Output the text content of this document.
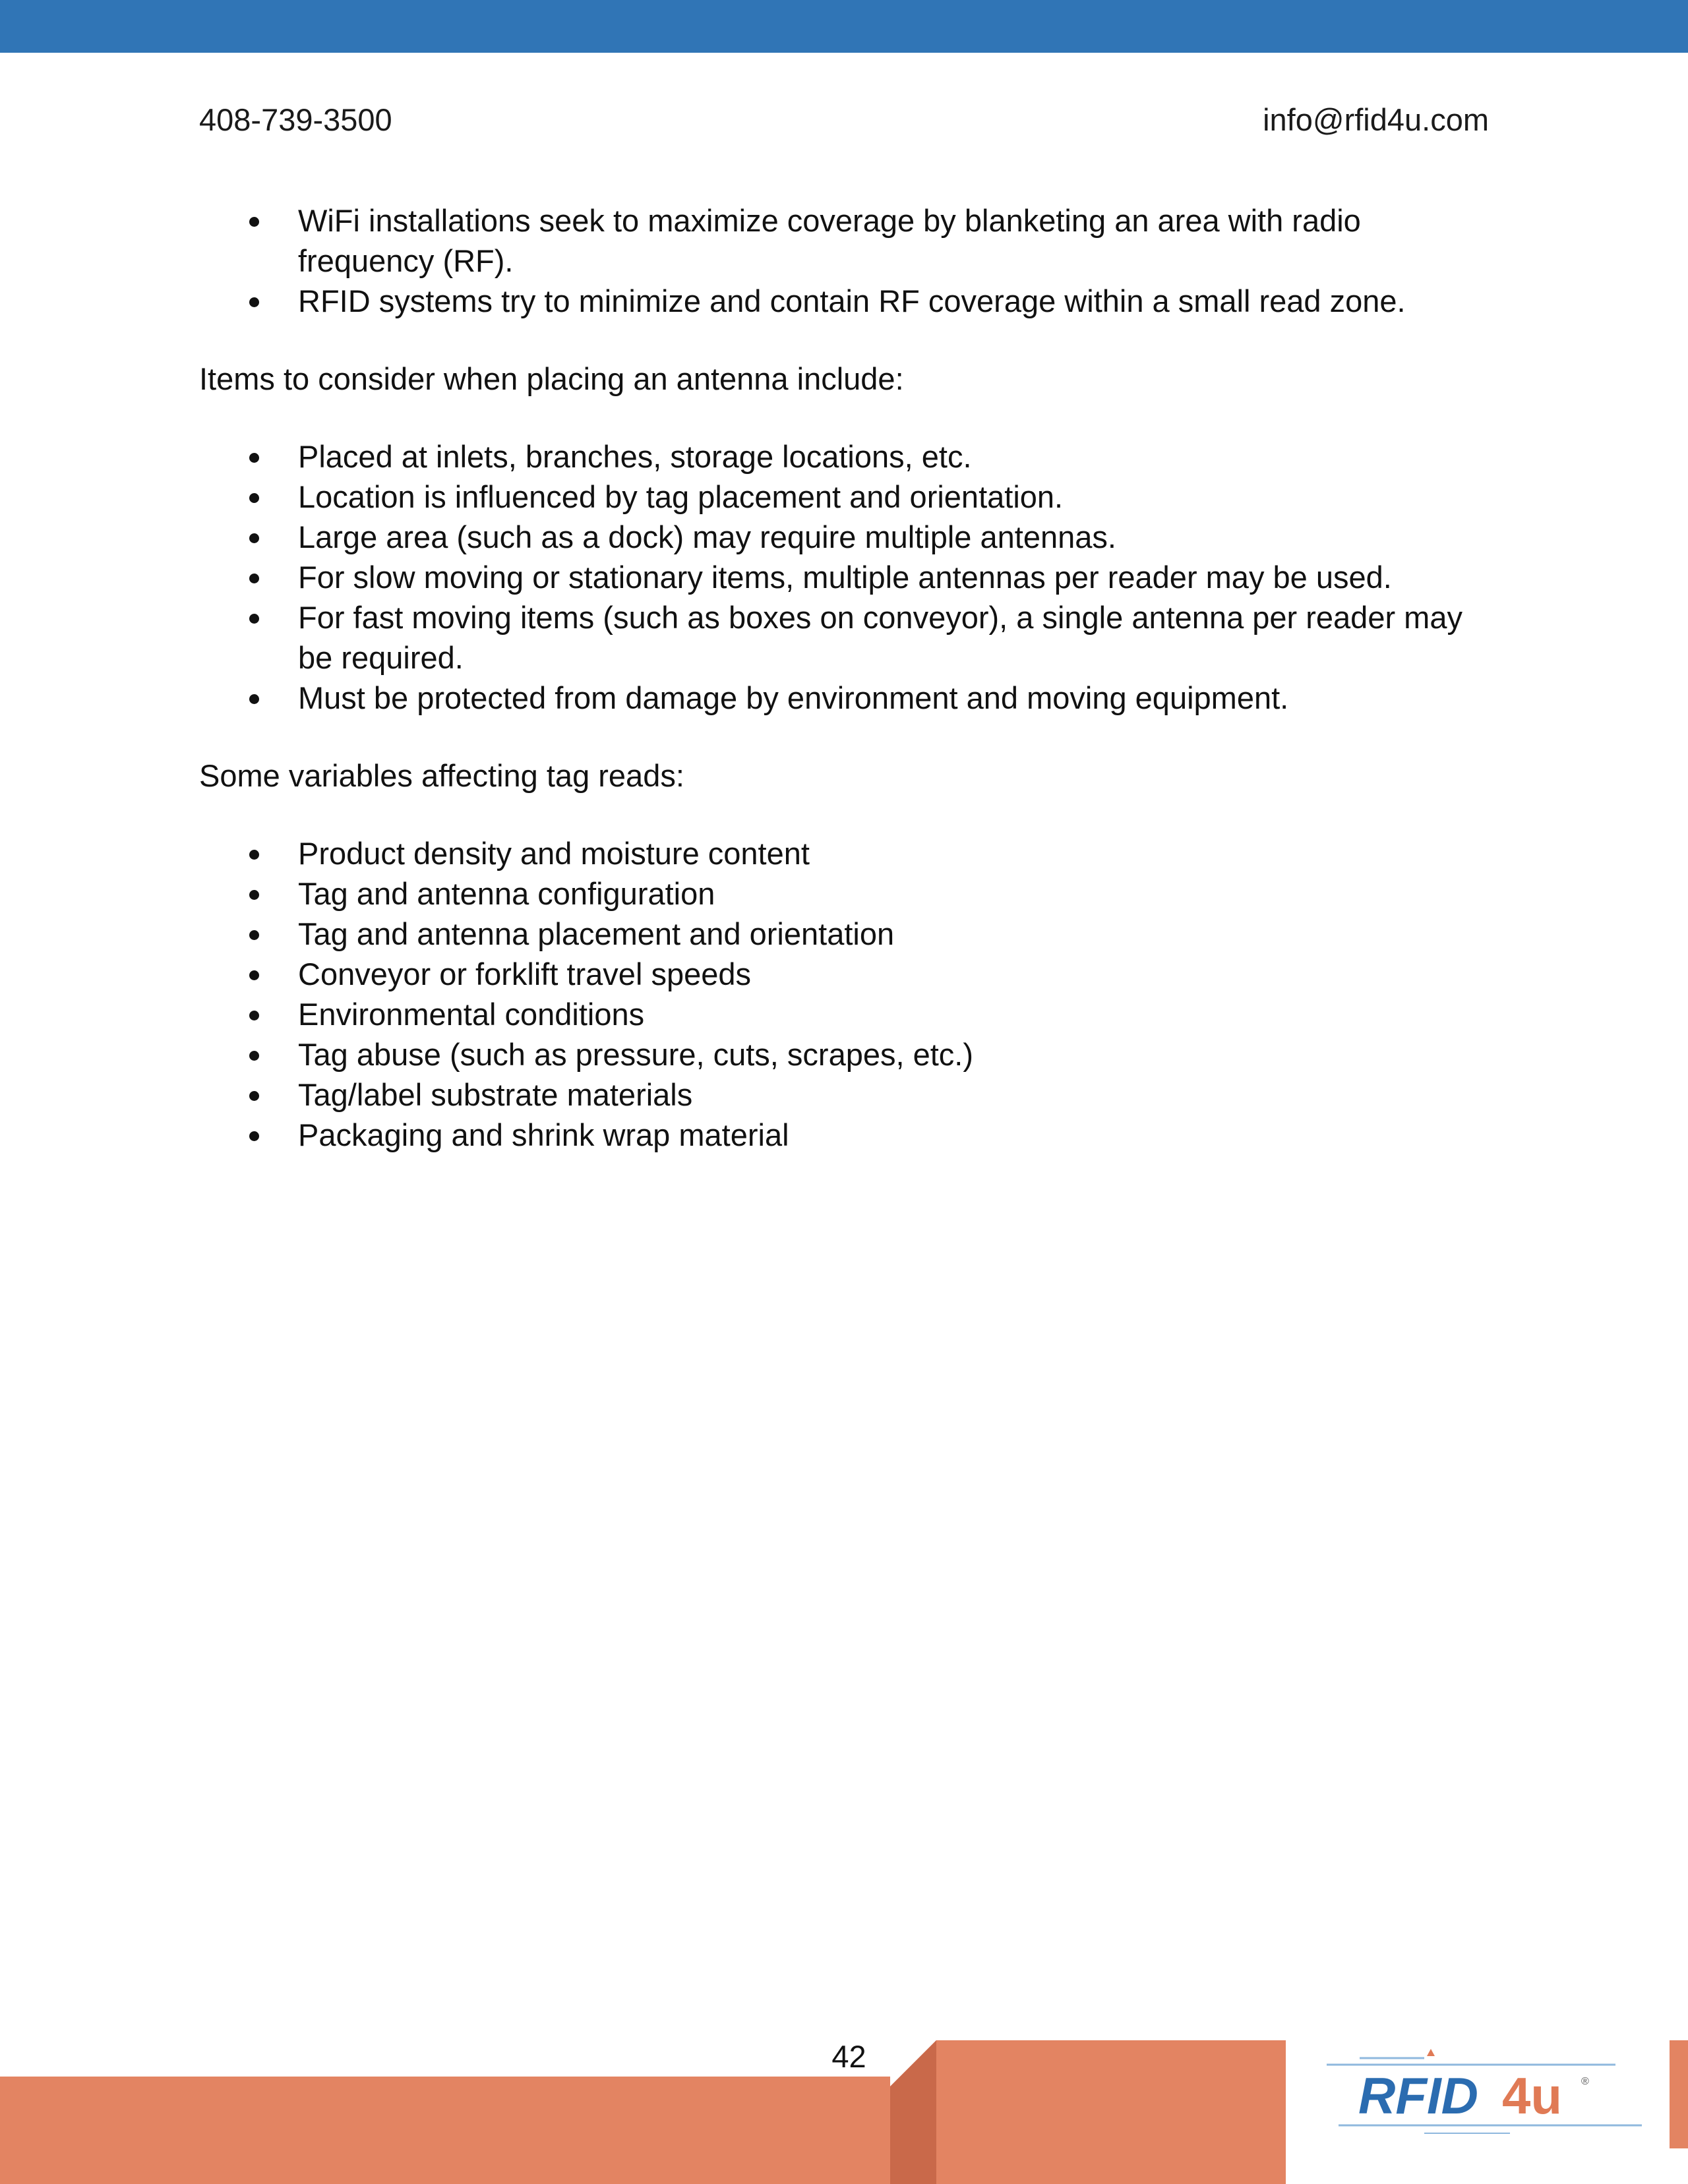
408-739-3500	info@rfid4u.com
WiFi installations seek to maximize coverage by blanketing an area with radio frequency (RF).
RFID systems try to minimize and contain RF coverage within a small read zone.

Items to consider when placing an antenna include:

Placed at inlets, branches, storage locations, etc.
Location is influenced by tag placement and orientation.
Large area (such as a dock) may require multiple antennas.
For slow moving or stationary items, multiple antennas per reader may be used.
For fast moving items (such as boxes on conveyor), a single antenna per reader may be required.
Must be protected from damage by environment and moving equipment.

Some variables affecting tag reads:

Product density and moisture content
Tag and antenna configuration
Tag and antenna placement and orientation
Conveyor or forklift travel speeds
Environmental conditions
Tag abuse (such as pressure, cuts, scrapes, etc.)
Tag/label substrate materials
Packaging and shrink wrap material
42
RFID 4u ®
